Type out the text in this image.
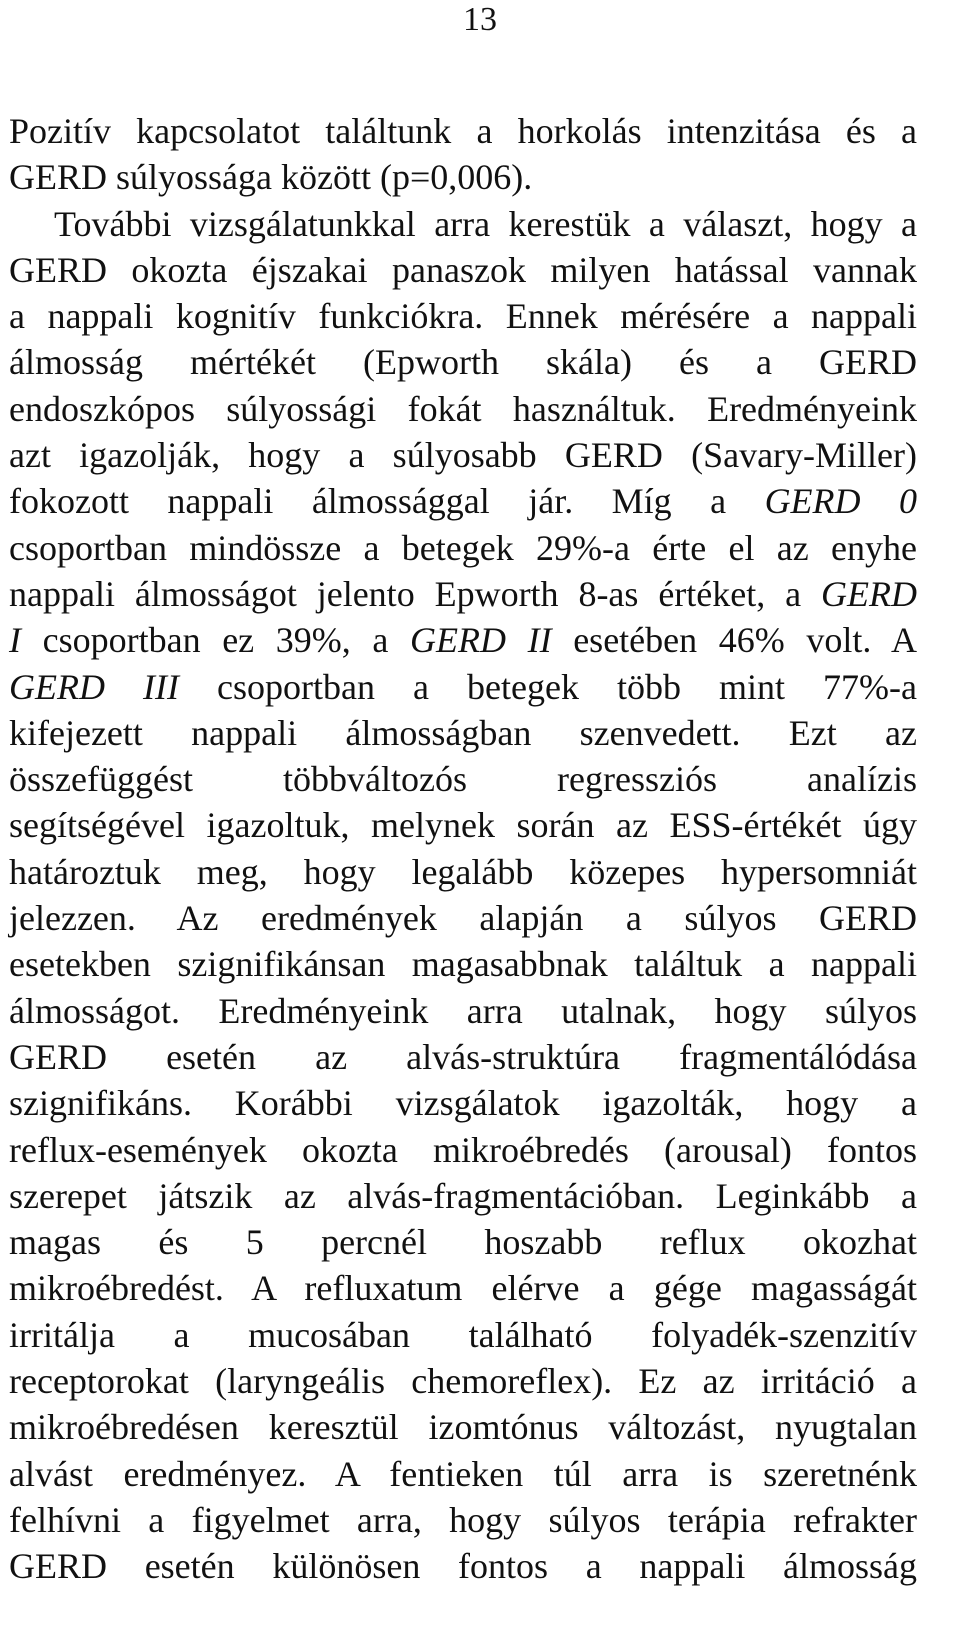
13
Pozitív kapcsolatot találtunk a horkolás intenzitása és a
GERD súlyossága között (p=0,006).
További vizsgálatunkkal arra kerestük a választ, hogy a
GERD okozta éjszakai panaszok milyen hatással vannak
a nappali kognitív funkciókra. Ennek mérésére a nappali
álmosság mértékét (Epworth skála) és a GERD
endoszkópos súlyossági fokát használtuk. Eredményeink
azt igazolják, hogy a súlyosabb GERD (Savary-Miller)
fokozott nappali álmossággal jár. Míg a GERD 0
csoportban mindössze a betegek 29%-a érte el az enyhe
nappali álmosságot jelento Epworth 8-as értéket, a GERD
I csoportban ez 39%, a GERD II esetében 46% volt. A
GERD III csoportban a betegek több mint 77%-a
kifejezett nappali álmosságban szenvedett. Ezt az
összefüggést többváltozós regressziós analízis
segítségével igazoltuk, melynek során az ESS-értékét úgy
határoztuk meg, hogy legalább közepes hypersomniát
jelezzen. Az eredmények alapján a súlyos GERD
esetekben szignifikánsan magasabbnak találtuk a nappali
álmosságot. Eredményeink arra utalnak, hogy súlyos
GERD esetén az alvás-struktúra fragmentálódása
szignifikáns. Korábbi vizsgálatok igazolták, hogy a
reflux-események okozta mikroébredés (arousal) fontos
szerepet játszik az alvás-fragmentációban. Leginkább a
magas és 5 percnél hoszabb reflux okozhat
mikroébredést. A refluxatum elérve a gége magasságát
irritálja a mucosában található folyadék-szenzitív
receptorokat (laryngeális chemoreflex). Ez az irritáció a
mikroébredésen keresztül izomtónus változást, nyugtalan
alvást eredményez. A fentieken túl arra is szeretnénk
felhívni a figyelmet arra, hogy súlyos terápia refrakter
GERD esetén különösen fontos a nappali álmosság
